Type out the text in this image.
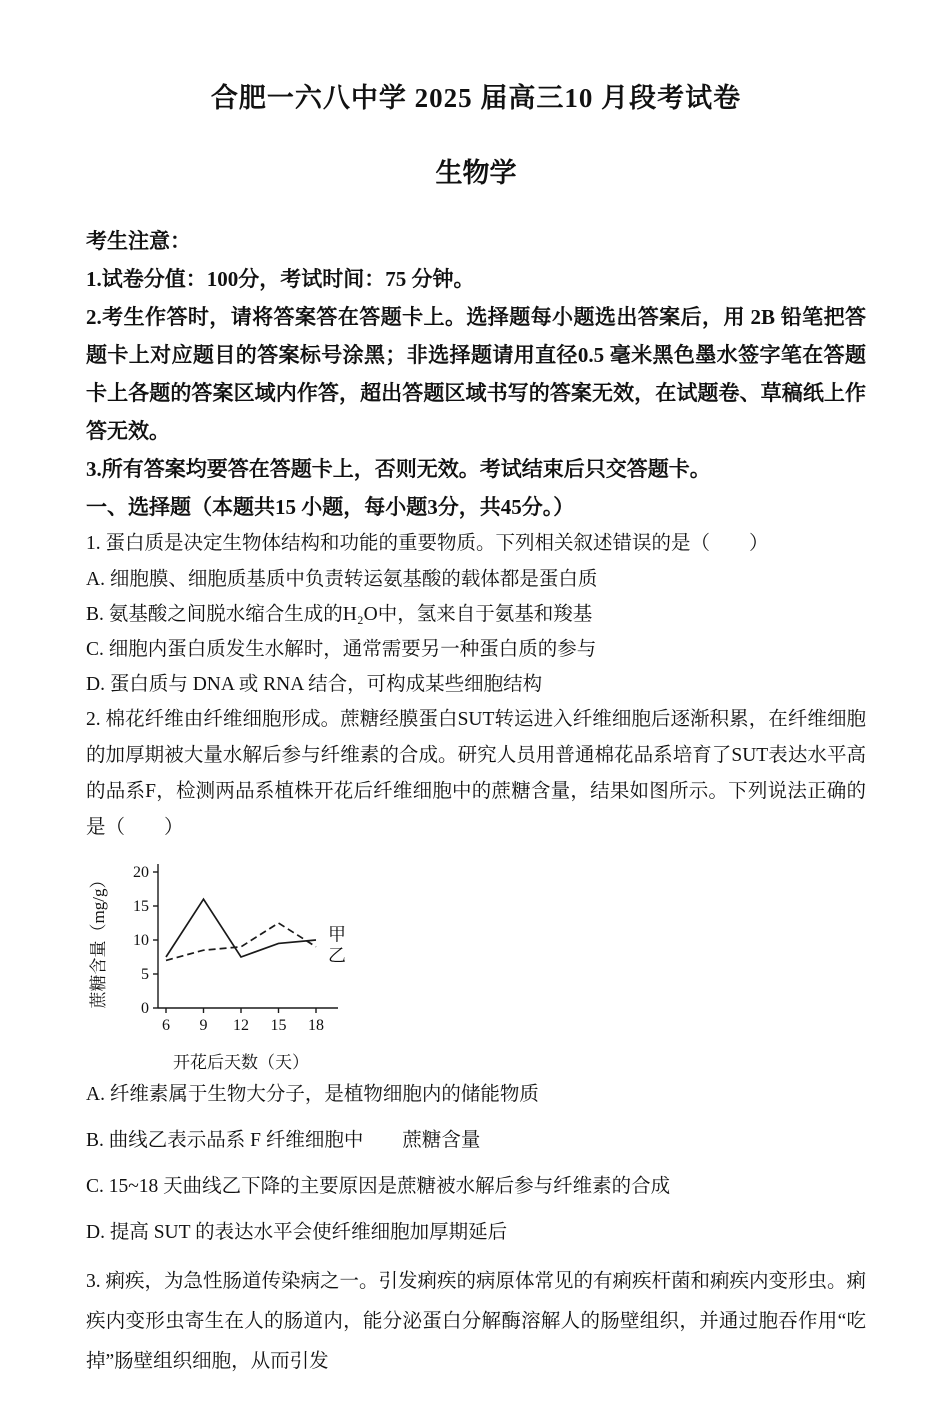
合肥一六八中学 2025 届高三10 月段考试卷
生物学

考生注意：

1.试卷分值：100分，考试时间：75 分钟。

2.考生作答时，请将答案答在答题卡上。选择题每小题选出答案后，用 2B 铅笔把答题卡上对应题目的答案标号涂黑；非选择题请用直径0.5 毫米黑色墨水签字笔在答题卡上各题的答案区域内作答，超出答题区域书写的答案无效，在试题卷、草稿纸上作答无效。

3.所有答案均要答在答题卡上，否则无效。考试结束后只交答题卡。

一、选择题（本题共15 小题，每小题3分，共45分。）

1. 蛋白质是决定生物体结构和功能的重要物质。下列相关叙述错误的是（　　）

A. 细胞膜、细胞质基质中负责转运氨基酸的载体都是蛋白质

B. 氨基酸之间脱水缩合生成的H₂O中，氢来自于氨基和羧基

C. 细胞内蛋白质发生水解时，通常需要另一种蛋白质的参与

D. 蛋白质与 DNA 或 RNA 结合，可构成某些细胞结构

2. 棉花纤维由纤维细胞形成。蔗糖经膜蛋白SUT转运进入纤维细胞后逐渐积累，在纤维细胞的加厚期被大量水解后参与纤维素的合成。研究人员用普通棉花品系培育了SUT表达水平高的品系F，检测两品系植株开花后纤维细胞中的蔗糖含量，结果如图所示。下列说法正确的是（　　）

0
5
10
15
20
6 9 12 15 18
甲
乙
蔗糖含量（mg/g）
开花后天数（天）

A. 纤维素属于生物大分子，是植物细胞内的储能物质

B. 曲线乙表示品系 F 纤维细胞中　　蔗糖含量

C. 15~18 天曲线乙下降的主要原因是蔗糖被水解后参与纤维素的合成

D. 提高 SUT 的表达水平会使纤维细胞加厚期延后

3. 痢疾，为急性肠道传染病之一。引发痢疾的病原体常见的有痢疾杆菌和痢疾内变形虫。痢疾内变形虫寄生在人的肠道内，能分泌蛋白分解酶溶解人的肠壁组织，并通过胞吞作用“吃掉”肠壁组织细胞，从而引发
